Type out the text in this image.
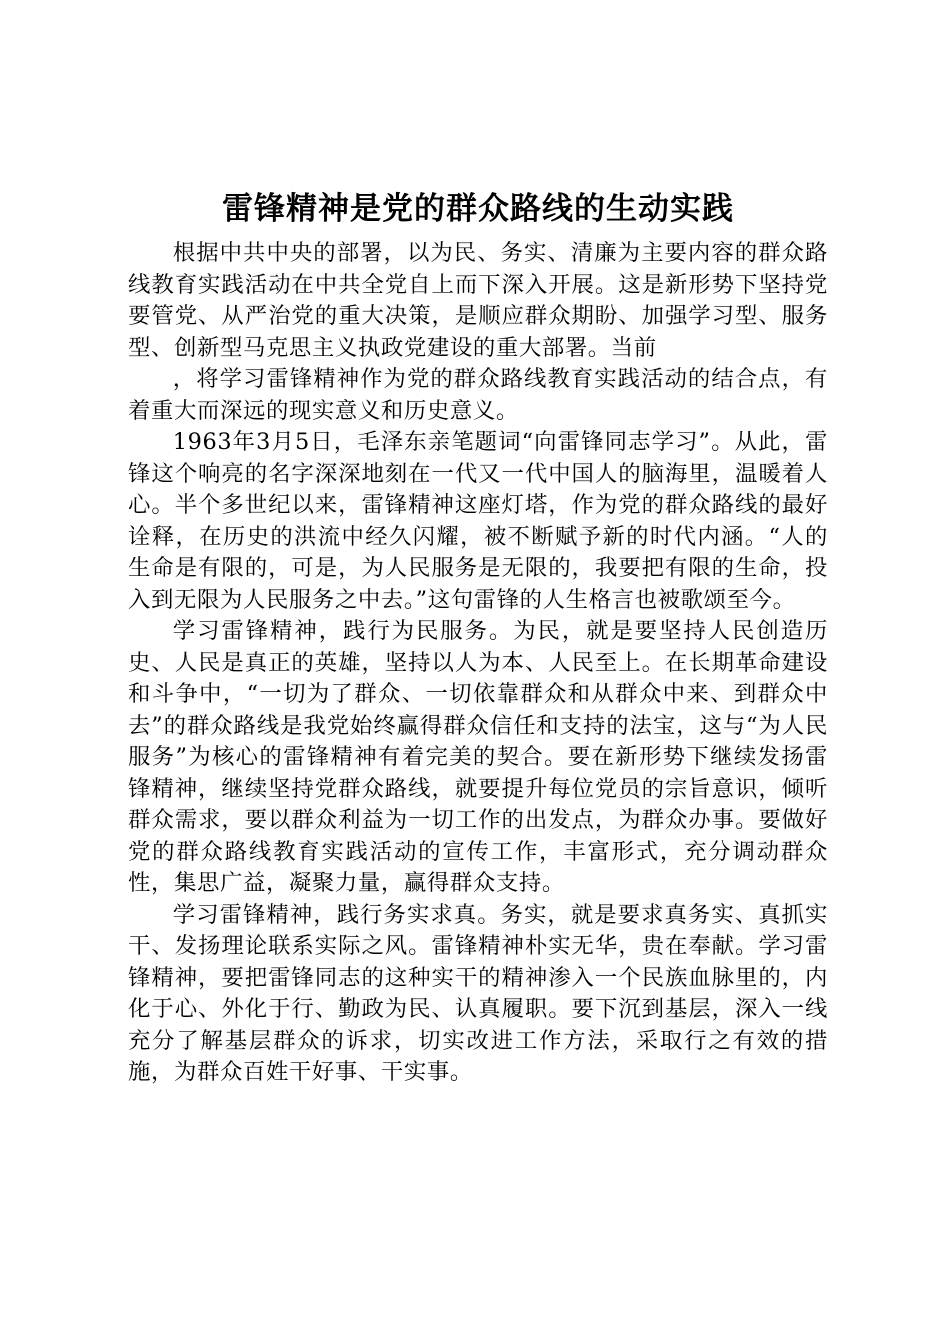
雷锋精神是党的群众路线的生动实践

根据中共中央的部署，以为民、务实、清廉为主要内容的群众路线教育实践活动在中共全党自上而下深入开展。这是新形势下坚持党要管党、从严治党的重大决策，是顺应群众期盼、加强学习型、服务型、创新型马克思主义执政党建设的重大部署。当前

，将学习雷锋精神作为党的群众路线教育实践活动的结合点，有着重大而深远的现实意义和历史意义。

1963年3月5日，毛泽东亲笔题词“向雷锋同志学习”。从此，雷锋这个响亮的名字深深地刻在一代又一代中国人的脑海里，温暖着人心。半个多世纪以来，雷锋精神这座灯塔，作为党的群众路线的最好诠释，在历史的洪流中经久闪耀，被不断赋予新的时代内涵。“人的生命是有限的，可是，为人民服务是无限的，我要把有限的生命，投入到无限为人民服务之中去。”这句雷锋的人生格言也被歌颂至今。

学习雷锋精神，践行为民服务。为民，就是要坚持人民创造历史、人民是真正的英雄，坚持以人为本、人民至上。在长期革命建设和斗争中，“一切为了群众、一切依靠群众和从群众中来、到群众中去”的群众路线是我党始终赢得群众信任和支持的法宝，这与“为人民服务”为核心的雷锋精神有着完美的契合。要在新形势下继续发扬雷锋精神，继续坚持党群众路线，就要提升每位党员的宗旨意识，倾听群众需求，要以群众利益为一切工作的出发点，为群众办事。要做好党的群众路线教育实践活动的宣传工作，丰富形式，充分调动群众性，集思广益，凝聚力量，赢得群众支持。

学习雷锋精神，践行务实求真。务实，就是要求真务实、真抓实干、发扬理论联系实际之风。雷锋精神朴实无华，贵在奉献。学习雷锋精神，要把雷锋同志的这种实干的精神渗入一个民族血脉里的，内化于心、外化于行、勤政为民、认真履职。要下沉到基层，深入一线充分了解基层群众的诉求，切实改进工作方法，采取行之有效的措施，为群众百姓干好事、干实事。
